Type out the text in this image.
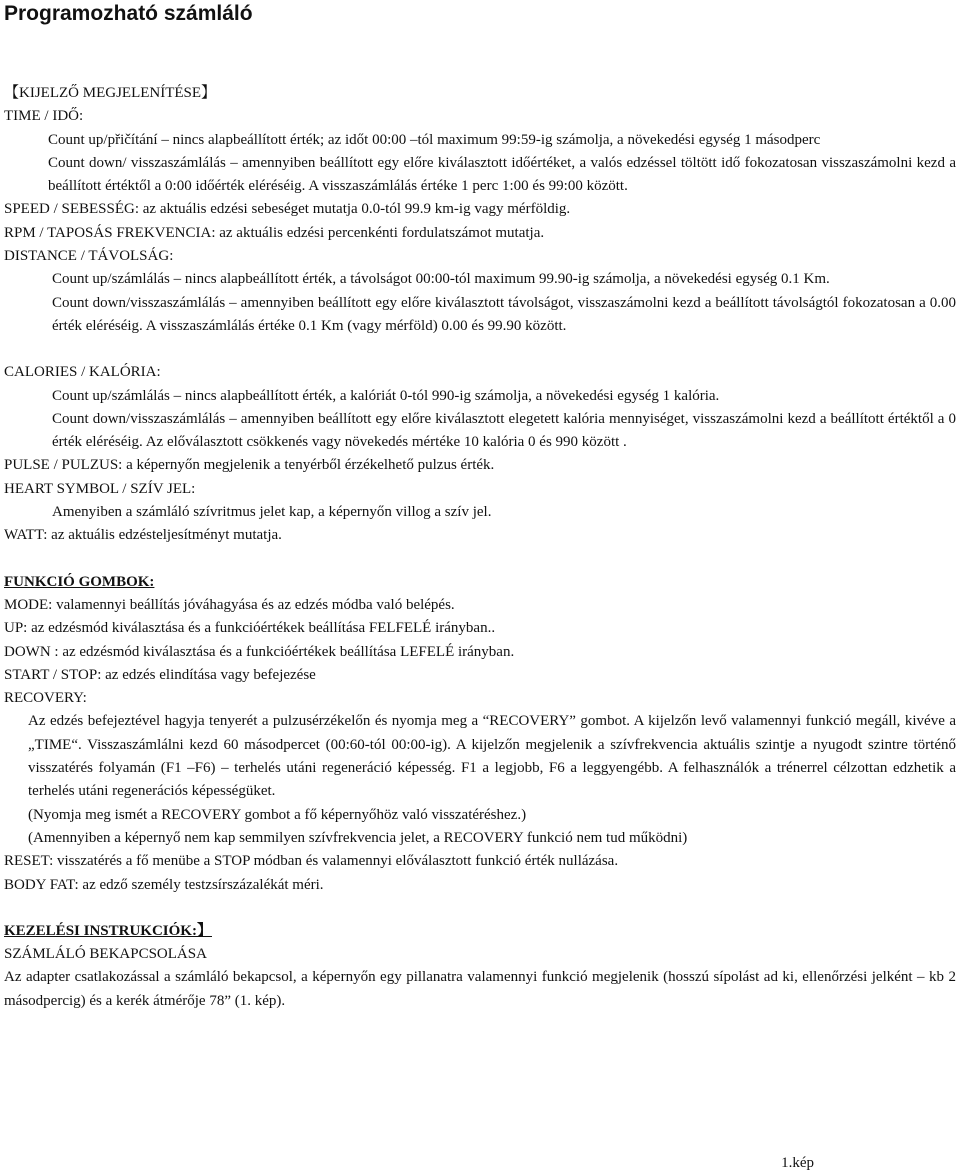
Programozható számláló

【KIJELZŐ MEGJELENÍTÉSE】

TIME / IDŐ:

Count up/přičítání – nincs alapbeállított érték; az időt 00:00 –tól maximum 99:59-ig számolja, a növekedési egység 1 másodperc

Count down/ visszaszámlálás – amennyiben beállított egy előre kiválasztott időértéket, a valós edzéssel töltött idő fokozatosan visszaszámolni kezd a beállított értéktől a 0:00 időérték eléréséig. A visszaszámlálás értéke 1 perc 1:00 és 99:00 között.

SPEED / SEBESSÉG: az aktuális edzési sebeséget mutatja 0.0-tól 99.9 km-ig vagy mérföldig.

RPM / TAPOSÁS FREKVENCIA: az aktuális edzési percenkénti fordulatszámot mutatja.

DISTANCE / TÁVOLSÁG:

Count up/számlálás – nincs alapbeállított érték, a távolságot 00:00-tól maximum 99.90-ig számolja, a növekedési egység 0.1 Km.

Count down/visszaszámlálás – amennyiben beállított egy előre kiválasztott távolságot, visszaszámolni kezd a beállított távolságtól fokozatosan a 0.00 érték eléréséig. A visszaszámlálás értéke 0.1 Km (vagy mérföld) 0.00 és 99.90 között.

CALORIES / KALÓRIA:

Count up/számlálás – nincs alapbeállított érték, a kalóriát 0-tól 990-ig számolja, a növekedési egység 1 kalória.

Count down/visszaszámlálás – amennyiben beállított egy előre kiválasztott elegetett kalória mennyiséget, visszaszámolni kezd a beállított értéktől a 0 érték eléréséig. Az előválasztott csökkenés vagy növekedés mértéke 10 kalória 0 és 990 között .

PULSE / PULZUS: a képernyőn megjelenik a tenyérből érzékelhető pulzus érték.

HEART SYMBOL / SZÍV JEL:

Amenyiben a számláló szívritmus jelet kap, a képernyőn villog a szív jel.

WATT: az aktuális edzésteljesítményt mutatja.

FUNKCIÓ GOMBOK:

MODE: valamennyi beállítás jóváhagyása és az edzés módba való belépés.

UP: az edzésmód kiválasztása és a funkcióértékek beállítása FELFELÉ irányban..

DOWN : az edzésmód kiválasztása és a funkcióértékek beállítása LEFELÉ irányban.

START / STOP: az edzés elindítása vagy befejezése

RECOVERY:

Az edzés befejeztével hagyja tenyerét a pulzusérzékelőn és nyomja meg a “RECOVERY” gombot. A kijelzőn levő valamennyi funkció megáll, kivéve a „TIME“. Visszaszámlálni kezd 60 másodpercet (00:60-tól 00:00-ig). A kijelzőn megjelenik a szívfrekvencia aktuális szintje a nyugodt szintre történő visszatérés folyamán (F1 –F6) – terhelés utáni regeneráció képesség. F1 a legjobb, F6 a leggyengébb. A felhasználók a trénerrel célzottan edzhetik a terhelés utáni regenerációs képességüket.

(Nyomja meg ismét a RECOVERY gombot a fő képernyőhöz való visszatéréshez.)

(Amennyiben a képernyő nem kap semmilyen szívfrekvencia jelet, a RECOVERY funkció nem tud működni)

RESET: visszatérés a fő menübe a STOP módban és valamennyi előválasztott funkció érték nullázása.

BODY FAT: az edző személy testzsírszázalékát méri.

KEZELÉSI INSTRUKCIÓK:】

SZÁMLÁLÓ BEKAPCSOLÁSA

Az adapter csatlakozással a számláló bekapcsol, a képernyőn egy pillanatra valamennyi funkció megjelenik (hosszú sípolást ad ki, ellenőrzési jelként – kb 2 másodpercig) és a kerék átmérője 78” (1. kép).

1.kép
